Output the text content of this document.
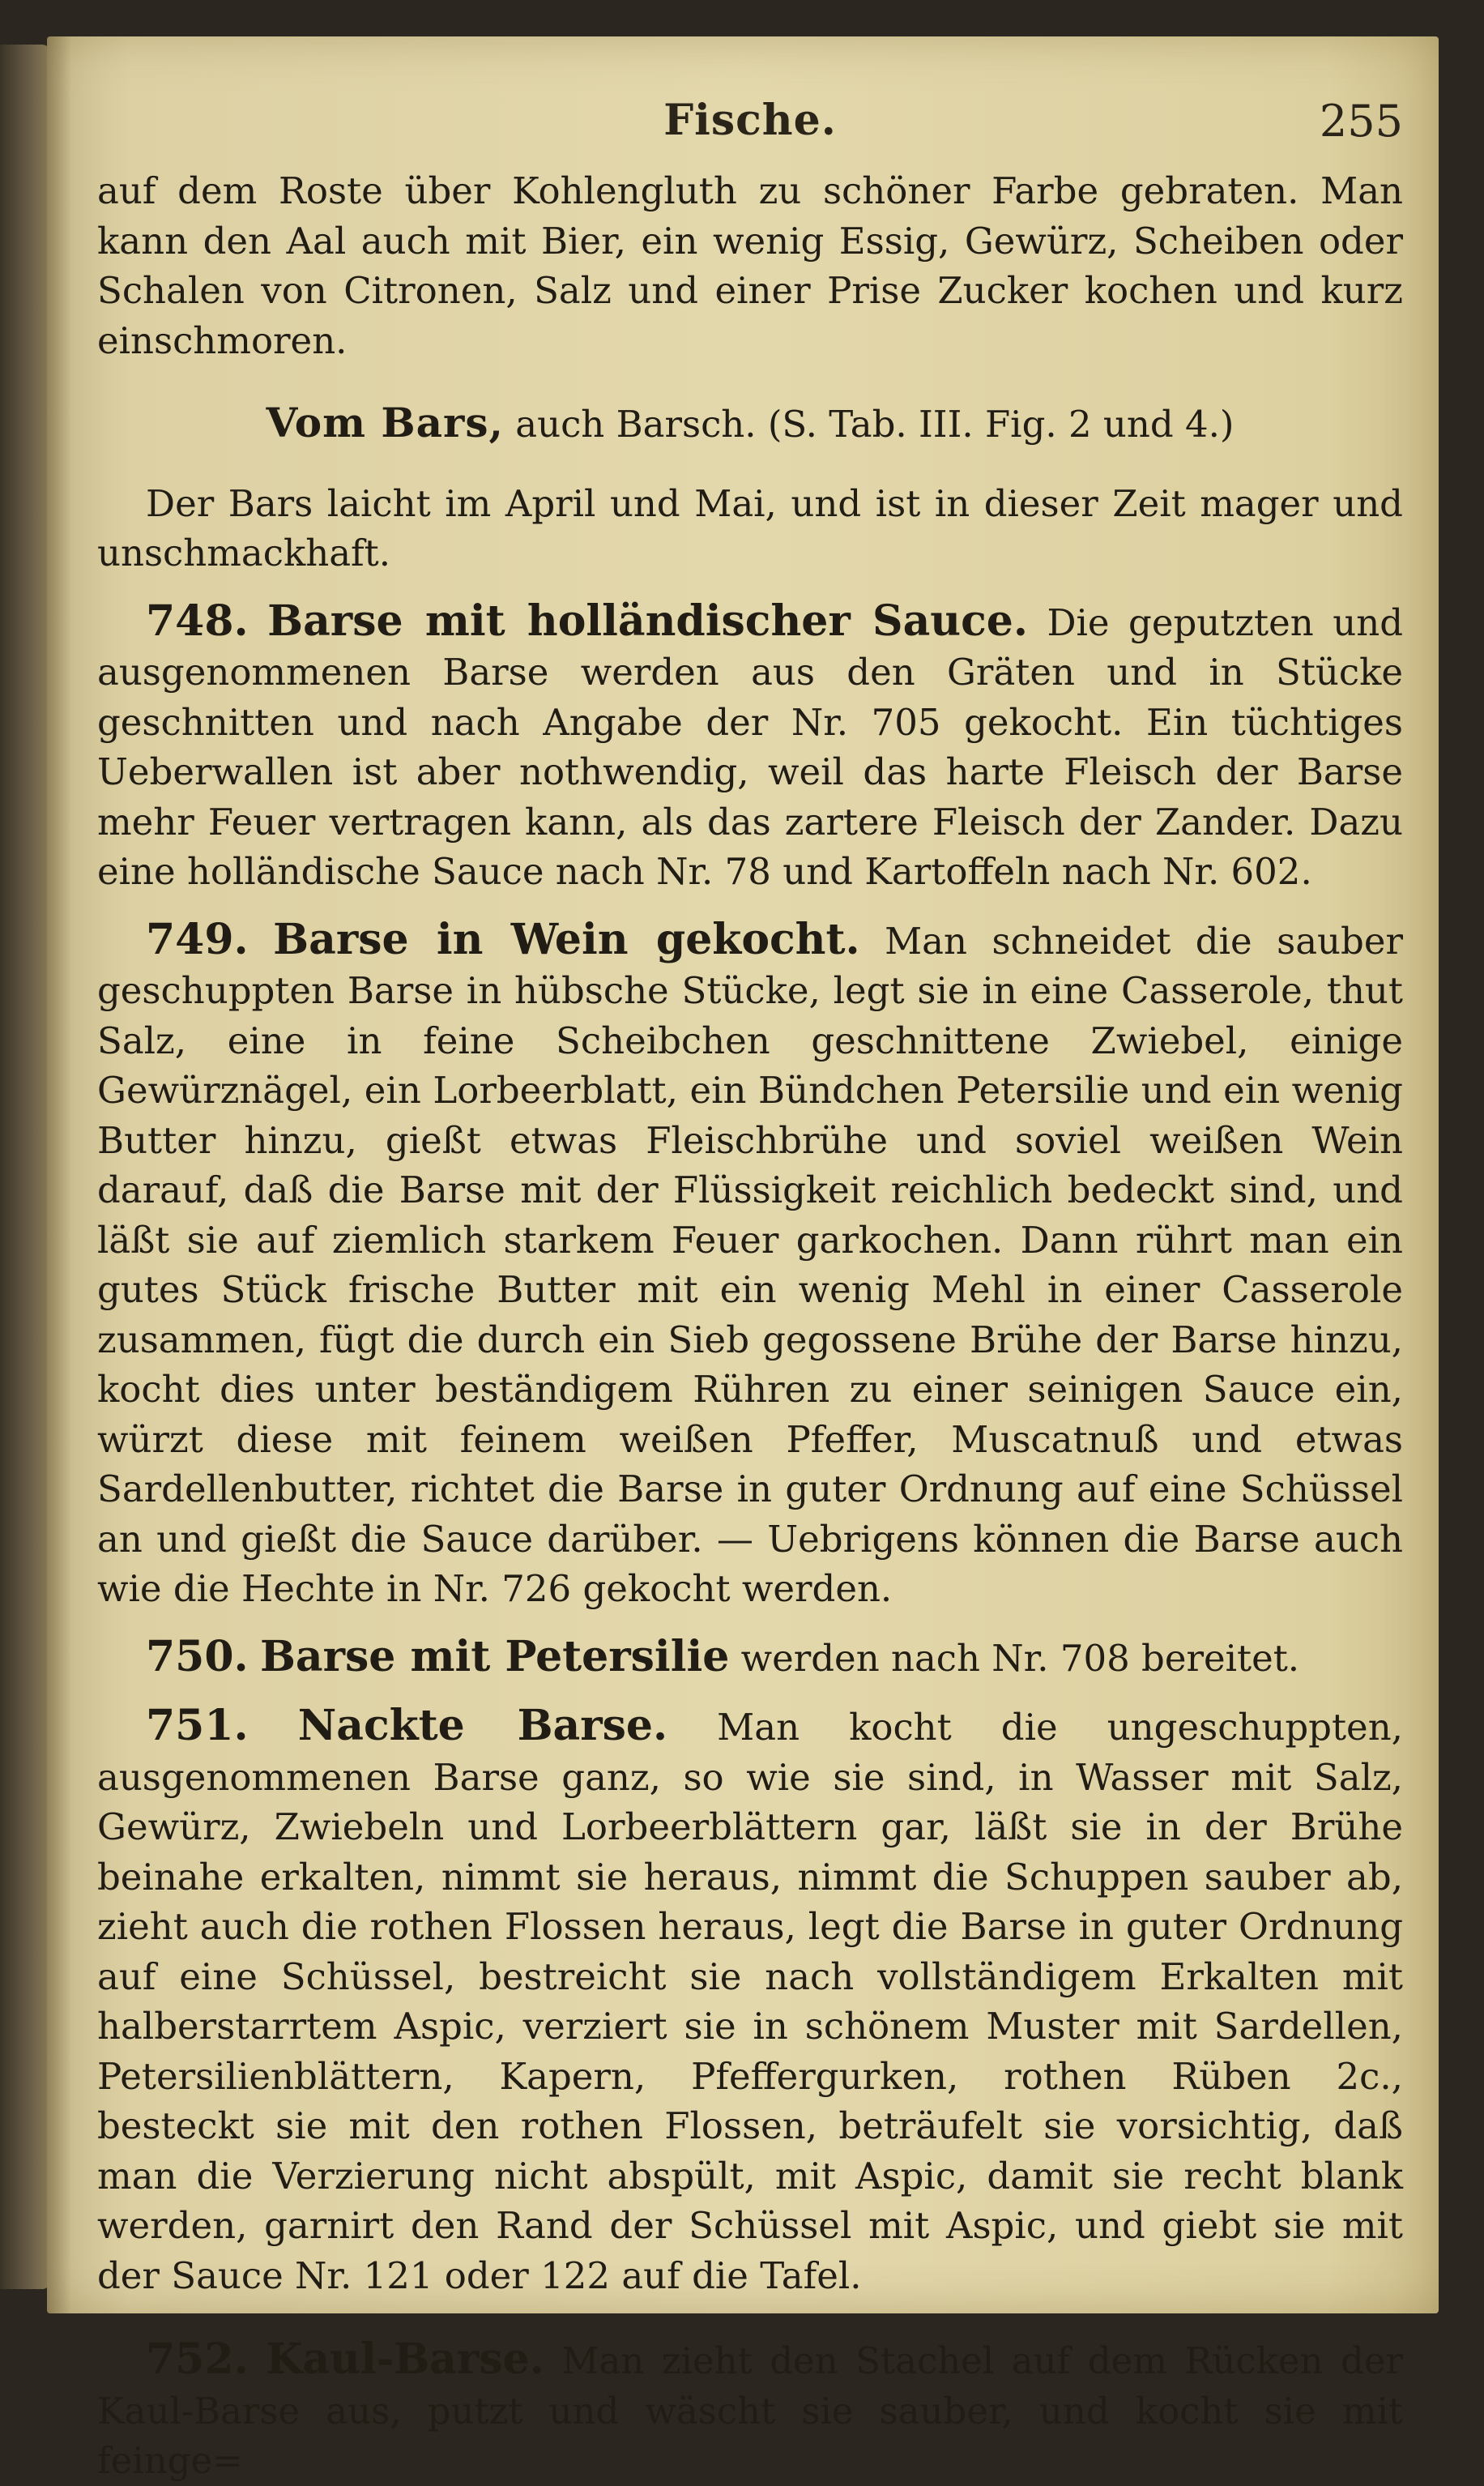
Fische.	255

auf dem Roste über Kohlengluth zu schöner Farbe gebraten. Man kann den Aal auch mit Bier, ein wenig Essig, Gewürz, Scheiben oder Schalen von Citronen, Salz und einer Prise Zucker kochen und kurz einschmoren.

Vom Bars, auch Barsch. (S. Tab. III. Fig. 2 und 4.)

Der Bars laicht im April und Mai, und ist in dieser Zeit mager und unschmackhaft.

748. Barse mit holländischer Sauce. Die geputzten und ausgenommenen Barse werden aus den Gräten und in Stücke geschnitten und nach Angabe der Nr. 705 gekocht. Ein tüchtiges Ueberwallen ist aber nothwendig, weil das harte Fleisch der Barse mehr Feuer vertragen kann, als das zartere Fleisch der Zander. Dazu eine holländische Sauce nach Nr. 78 und Kartoffeln nach Nr. 602.

749. Barse in Wein gekocht. Man schneidet die sauber geschuppten Barse in hübsche Stücke, legt sie in eine Casserole, thut Salz, eine in feine Scheibchen geschnittene Zwiebel, einige Gewürznägel, ein Lorbeerblatt, ein Bündchen Petersilie und ein wenig Butter hinzu, gießt etwas Fleischbrühe und soviel weißen Wein darauf, daß die Barse mit der Flüssigkeit reichlich bedeckt sind, und läßt sie auf ziemlich starkem Feuer garkochen. Dann rührt man ein gutes Stück frische Butter mit ein wenig Mehl in einer Casserole zusammen, fügt die durch ein Sieb gegossene Brühe der Barse hinzu, kocht dies unter beständigem Rühren zu einer seinigen Sauce ein, würzt diese mit feinem weißen Pfeffer, Muscatnuß und etwas Sardellenbutter, richtet die Barse in guter Ordnung auf eine Schüssel an und gießt die Sauce darüber. — Uebrigens können die Barse auch wie die Hechte in Nr. 726 gekocht werden.

750. Barse mit Petersilie werden nach Nr. 708 bereitet.

751. Nackte Barse. Man kocht die ungeschuppten, ausgenommenen Barse ganz, so wie sie sind, in Wasser mit Salz, Gewürz, Zwiebeln und Lorbeerblättern gar, läßt sie in der Brühe beinahe erkalten, nimmt sie heraus, nimmt die Schuppen sauber ab, zieht auch die rothen Flossen heraus, legt die Barse in guter Ordnung auf eine Schüssel, bestreicht sie nach vollständigem Erkalten mit halberstarrtem Aspic, verziert sie in schönem Muster mit Sardellen, Petersilienblättern, Kapern, Pfeffergurken, rothen Rüben 2c., besteckt sie mit den rothen Flossen, beträufelt sie vorsichtig, daß man die Verzierung nicht abspült, mit Aspic, damit sie recht blank werden, garnirt den Rand der Schüssel mit Aspic, und giebt sie mit der Sauce Nr. 121 oder 122 auf die Tafel.

752. Kaul-Barse. Man zieht den Stachel auf dem Rücken der Kaul-Barse aus, putzt und wäscht sie sauber, und kocht sie mit feinge=
